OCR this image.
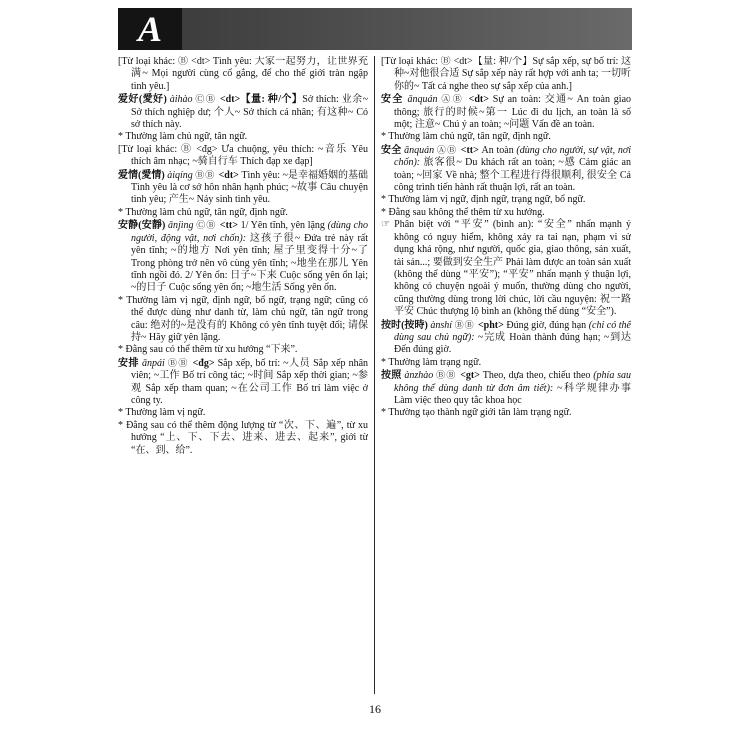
A
[Từ loại khác: Ⓑ <dt> Tình yêu: 大家一起努力，让世界充满~ Mọi người cùng cố gắng, để cho thế giới tràn ngập tình yêu.]
爱好(愛好) àihào ⒸⒷ <dt>【量: 种/个】Sở thích: 业余~ Sở thích nghiệp dư; 个人~ Sở thích cá nhân; 有这种~ Có sở thích này.
* Thường làm chủ ngữ, tân ngữ.
[Từ loại khác: Ⓑ <đg> Ưa chuộng, yêu thích: ~音乐 Yêu thích âm nhạc; ~骑自行车 Thích đạp xe đạp]
爱情(愛情) àiqíng ⒷⒷ <dt> Tình yêu: ~是幸福婚姻的基础 Tình yêu là cơ sở hôn nhân hạnh phúc; ~故事 Câu chuyện tình yêu; 产生~ Nảy sinh tình yêu.
* Thường làm chủ ngữ, tân ngữ, định ngữ.
安静(安靜) ānjìng ⒸⒷ <tt> 1/ Yên tĩnh, yên lặng (dùng cho người, động vật, nơi chốn): 这孩子很~ Đứa trẻ này rất yên tĩnh; ~的地方 Nơi yên tĩnh; 屋子里变得十分~了 Trong phòng trở nên vô cùng yên tĩnh; ~地坐在那儿 Yên tĩnh ngồi đó. 2/ Yên ổn: 日子~下来 Cuộc sống yên ổn lại; ~的日子 Cuộc sống yên ổn; ~地生活 Sống yên ổn.
* Thường làm vị ngữ, định ngữ, bổ ngữ, trạng ngữ; cũng có thể được dùng như danh từ, làm chủ ngữ, tân ngữ trong câu: 绝对的~是没有的 Không có yên tĩnh tuyệt đối; 请保持~ Hãy giữ yên lặng.
* Đằng sau có thể thêm từ xu hướng “下来”.
安排 ānpái ⒷⒷ <đg> Sắp xếp, bố trí: ~人员 Sắp xếp nhân viên; ~工作 Bố trí công tác; ~时间 Sắp xếp thời gian; ~参观 Sắp xếp tham quan; ~在公司工作 Bố trí làm việc ở công ty.
* Thường làm vị ngữ.
* Đằng sau có thể thêm động lượng từ “次、下、遍”, từ xu hướng “上、下、下去、进来、进去、起来”, giới từ “在、到、给”.
[Từ loại khác: Ⓑ <dt>【量: 种/个】Sự sắp xếp, sự bố trí: 这种~对他很合适 Sự sắp xếp này rất hợp với anh ta; 一切听你的~ Tất cả nghe theo sự sắp xếp của anh.]
安全 ānquán ⒶⒷ <dt> Sự an toàn: 交通~ An toàn giao thông; 旅行的时候~第一 Lúc đi du lịch, an toàn là số một; 注意~ Chú ý an toàn; ~问题 Vấn đề an toàn.
* Thường làm chủ ngữ, tân ngữ, định ngữ.
安全 ānquán ⒶⒷ <tt> An toàn (dùng cho người, sự vật, nơi chốn): 旅客很~ Du khách rất an toàn; ~感 Cảm giác an toàn; ~回家 Về nhà; 整个工程进行得很顺利, 很安全 Cả công trình tiến hành rất thuận lợi, rất an toàn.
* Thường làm vị ngữ, định ngữ, trạng ngữ, bổ ngữ.
* Đằng sau không thể thêm từ xu hướng.
☞ Phân biệt với “平安” (bình an): “安全” nhấn mạnh ý không có nguy hiểm, không xảy ra tai nạn, phạm vi sử dụng khá rộng, như người, quốc gia, giao thông, sản xuất, tài sản...; 要做到安全生产 Phải làm được an toàn sản xuất (không thể dùng “平安”); “平安” nhấn mạnh ý thuận lợi, không có chuyện ngoài ý muốn, thường dùng cho người, cũng thường dùng trong lời chúc, lời cầu nguyện: 祝一路平安 Chúc thượng lộ bình an (không thể dùng “安全”).
按时(按時) ànshí ⒷⒷ <pht> Đúng giờ, đúng hạn (chỉ có thể dùng sau chủ ngữ): ~完成 Hoàn thành đúng hạn; ~到达 Đến đúng giờ.
* Thường làm trạng ngữ.
按照 ànzhào ⒷⒷ <gt> Theo, dựa theo, chiếu theo (phía sau không thể dùng danh từ đơn âm tiết): ~科学规律办事 Làm việc theo quy tắc khoa học
* Thường tạo thành ngữ giới tân làm trạng ngữ.
16
